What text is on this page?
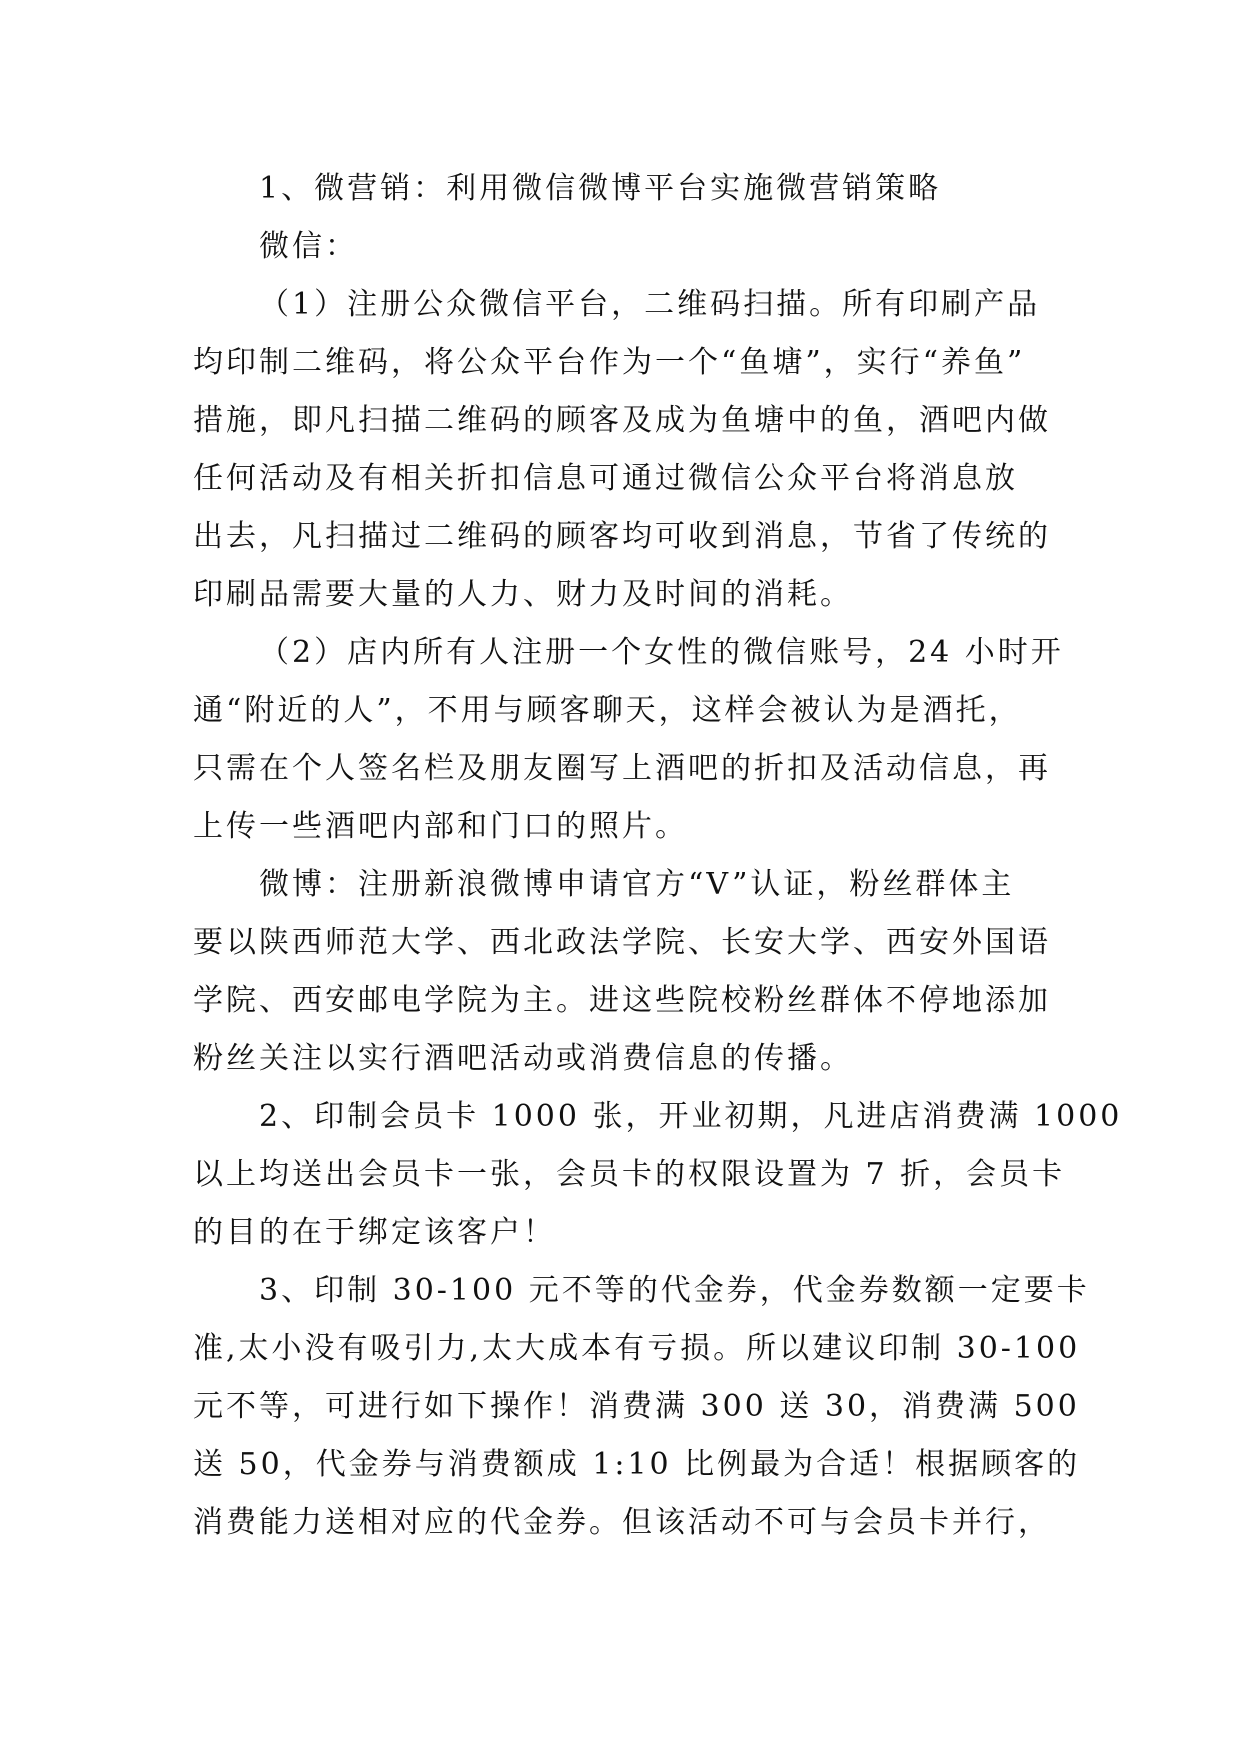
1、微营销：利用微信微博平台实施微营销策略

微信：

（1）注册公众微信平台，二维码扫描。所有印刷产品
均印制二维码，将公众平台作为一个“鱼塘”，实行“养鱼”
措施，即凡扫描二维码的顾客及成为鱼塘中的鱼，酒吧内做
任何活动及有相关折扣信息可通过微信公众平台将消息放
出去，凡扫描过二维码的顾客均可收到消息，节省了传统的
印刷品需要大量的人力、财力及时间的消耗。

（2）店内所有人注册一个女性的微信账号，24 小时开
通“附近的人”，不用与顾客聊天，这样会被认为是酒托，
只需在个人签名栏及朋友圈写上酒吧的折扣及活动信息，再
上传一些酒吧内部和门口的照片。

微博：注册新浪微博申请官方“V”认证，粉丝群体主
要以陕西师范大学、西北政法学院、长安大学、西安外国语
学院、西安邮电学院为主。进这些院校粉丝群体不停地添加
粉丝关注以实行酒吧活动或消费信息的传播。

2、印制会员卡 1000 张，开业初期，凡进店消费满 1000
以上均送出会员卡一张，会员卡的权限设置为 7 折，会员卡
的目的在于绑定该客户！

3、印制 30-100 元不等的代金券，代金券数额一定要卡
准,太小没有吸引力,太大成本有亏损。所以建议印制 30-100
元不等，可进行如下操作！消费满 300 送 30，消费满 500
送 50，代金券与消费额成 1:10 比例最为合适！根据顾客的
消费能力送相对应的代金券。但该活动不可与会员卡并行，
